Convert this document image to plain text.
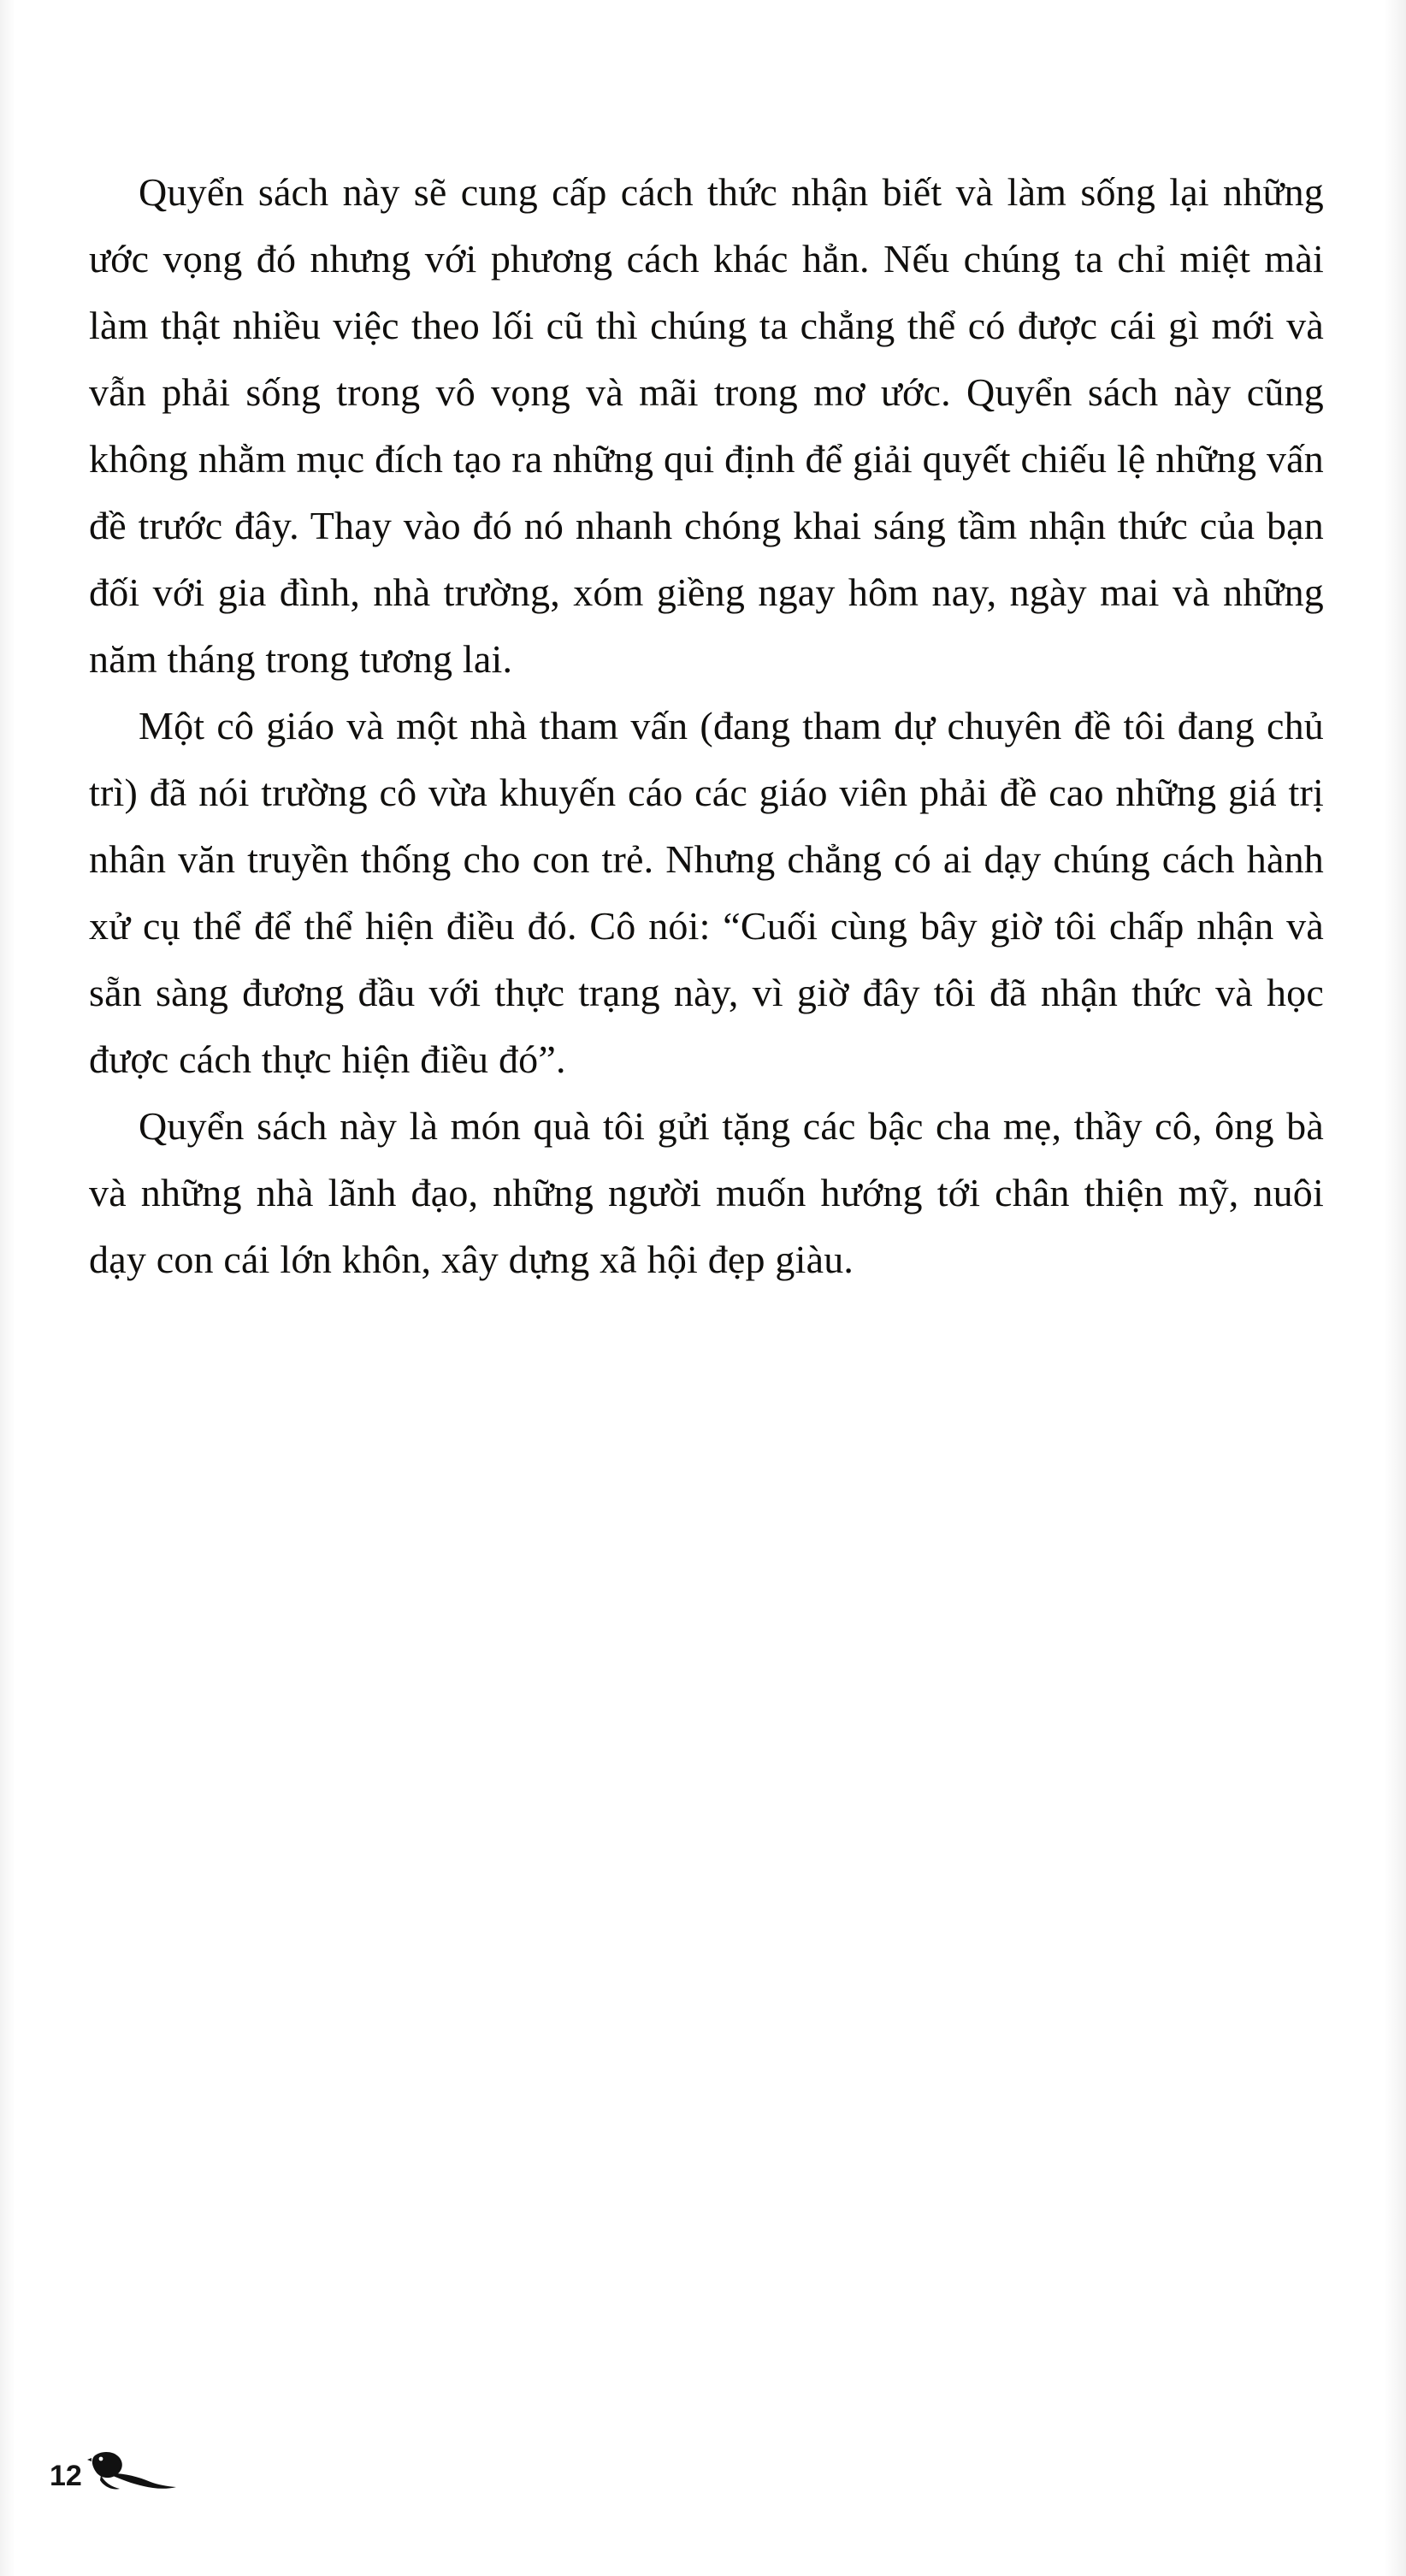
Quyển sách này sẽ cung cấp cách thức nhận biết và làm sống lại những ước vọng đó nhưng với phương cách khác hẳn. Nếu chúng ta chỉ miệt mài làm thật nhiều việc theo lối cũ thì chúng ta chẳng thể có được cái gì mới và vẫn phải sống trong vô vọng và mãi trong mơ ước. Quyển sách này cũng không nhằm mục đích tạo ra những qui định để giải quyết chiếu lệ những vấn đề trước đây. Thay vào đó nó nhanh chóng khai sáng tầm nhận thức của bạn đối với gia đình, nhà trường, xóm giềng ngay hôm nay, ngày mai và những năm tháng trong tương lai.

Một cô giáo và một nhà tham vấn (đang tham dự chuyên đề tôi đang chủ trì) đã nói trường cô vừa khuyến cáo các giáo viên phải đề cao những giá trị nhân văn truyền thống cho con trẻ. Nhưng chẳng có ai dạy chúng cách hành xử cụ thể để thể hiện điều đó. Cô nói: “Cuối cùng bây giờ tôi chấp nhận và sẵn sàng đương đầu với thực trạng này, vì giờ đây tôi đã nhận thức và học được cách thực hiện điều đó”.

Quyển sách này là món quà tôi gửi tặng các bậc cha mẹ, thầy cô, ông bà và những nhà lãnh đạo, những người muốn hướng tới chân thiện mỹ, nuôi dạy con cái lớn khôn, xây dựng xã hội đẹp giàu.

12
